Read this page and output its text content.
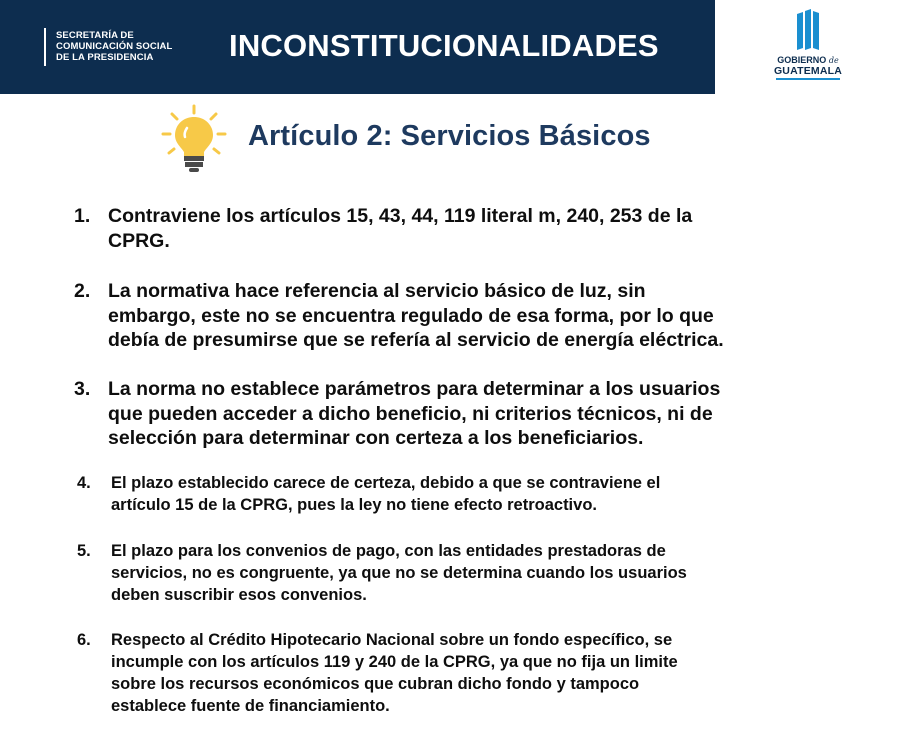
SECRETARÍA DE
COMUNICACIÓN SOCIAL
DE LA PRESIDENCIA	INCONSTITUCIONALIDADES	GOBIERNO de
GUATEMALA
Artículo 2: Servicios Básicos
1. Contraviene los artículos 15, 43, 44, 119 literal m, 240, 253 de la
CPRG.
2. La normativa hace referencia al servicio básico de luz, sin
embargo, este no se encuentra regulado de esa forma, por lo que
debía de presumirse que se refería al servicio de energía eléctrica.
3. La norma no establece parámetros para determinar a los usuarios
que pueden acceder a dicho beneficio, ni criterios técnicos, ni de
selección para determinar con certeza a los beneficiarios.
4. El plazo establecido carece de certeza, debido a que se contraviene el
artículo 15 de la CPRG, pues la ley no tiene efecto retroactivo.
5. El plazo para los convenios de pago, con las entidades prestadoras de
servicios, no es congruente, ya que no se determina cuando los usuarios
deben suscribir esos convenios.
6. Respecto al Crédito Hipotecario Nacional sobre un fondo específico, se
incumple con los artículos 119 y 240 de la CPRG, ya que no fija un limite
sobre los recursos económicos que cubran dicho fondo y tampoco
establece fuente de financiamiento.
